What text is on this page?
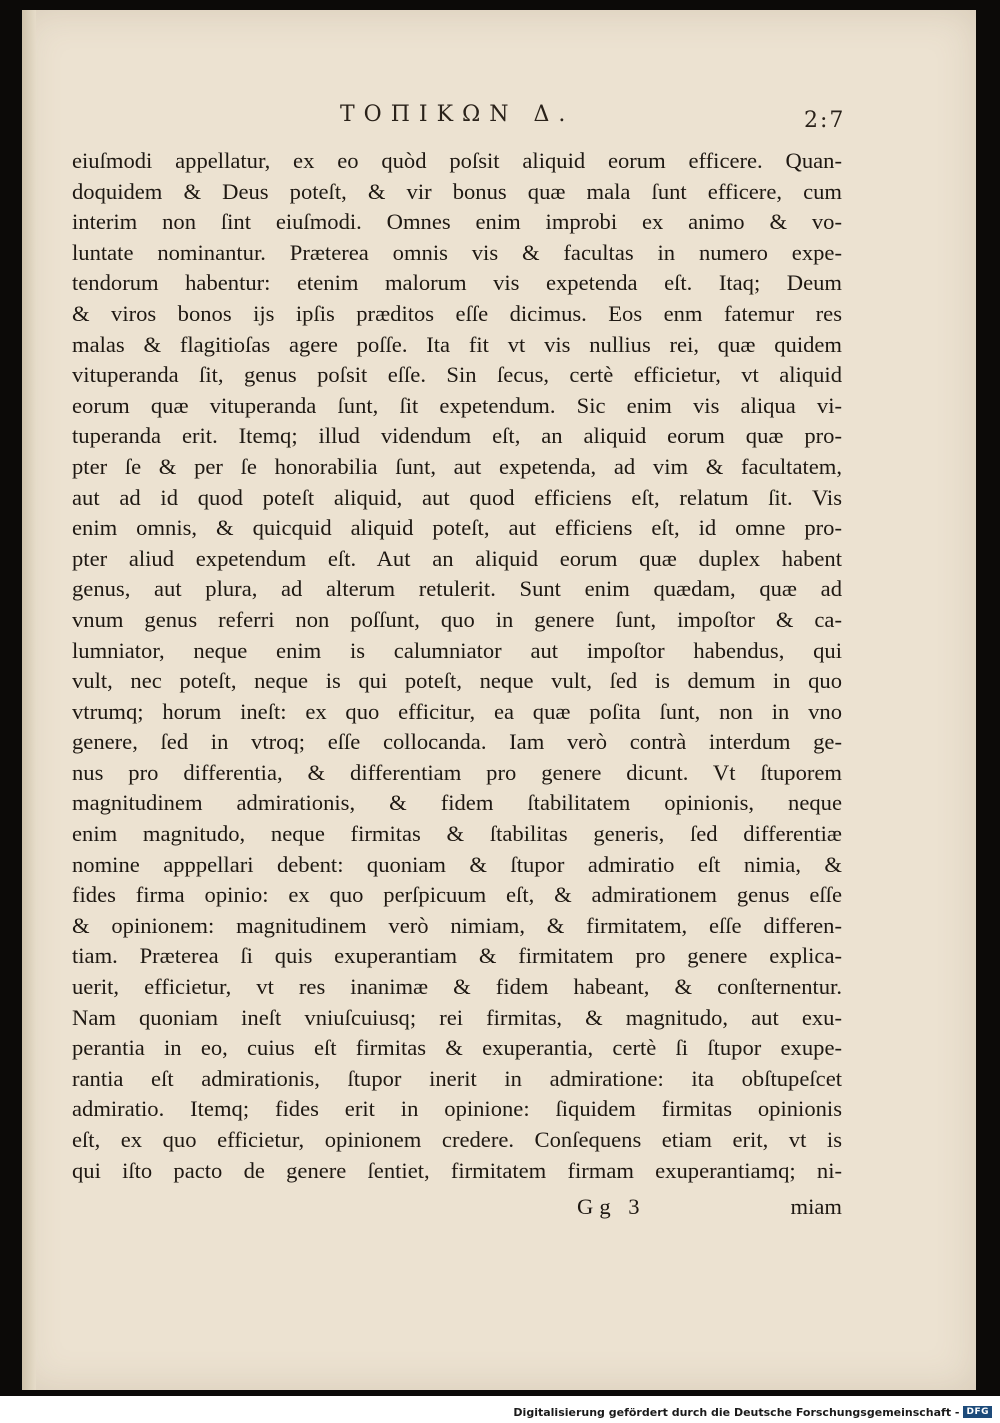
ΤΟΠΙΚΩΝ Δ.	2:7
eiuſmodi appellatur, ex eo quòd poſsit aliquid eorum efficere. Quan-
doquidem & Deus poteſt, & vir bonus quæ mala ſunt efficere, cum
interim non ſint eiuſmodi. Omnes enim improbi ex animo & vo-
luntate nominantur. Præterea omnis vis & facultas in numero expe-
tendorum habentur: etenim malorum vis expetenda eſt. Itaq; Deum
& viros bonos ijs ipſis præditos eſſe dicimus. Eos enm fatemur res
malas & flagitioſas agere poſſe. Ita fit vt vis nullius rei, quæ quidem
vituperanda ſit, genus poſsit eſſe. Sin ſecus, certè efficietur, vt aliquid
eorum quæ vituperanda ſunt, ſit expetendum. Sic enim vis aliqua vi-
tuperanda erit. Itemq; illud videndum eſt, an aliquid eorum quæ pro-
pter ſe & per ſe honorabilia ſunt, aut expetenda, ad vim & facultatem,
aut ad id quod poteſt aliquid, aut quod efficiens eſt, relatum ſit. Vis
enim omnis, & quicquid aliquid poteſt, aut efficiens eſt, id omne pro-
pter aliud expetendum eſt. Aut an aliquid eorum quæ duplex habent
genus, aut plura, ad alterum retulerit. Sunt enim quædam, quæ ad
vnum genus referri non poſſunt, quo in genere ſunt, impoſtor & ca-
lumniator, neque enim is calumniator aut impoſtor habendus, qui
vult, nec poteſt, neque is qui poteſt, neque vult, ſed is demum in quo
vtrumq; horum ineſt: ex quo efficitur, ea quæ poſita ſunt, non in vno
genere, ſed in vtroq; eſſe collocanda. Iam verò contrà interdum ge-
nus pro differentia, & differentiam pro genere dicunt. Vt ſtuporem
magnitudinem admirationis, & fidem ſtabilitatem opinionis, neque
enim magnitudo, neque firmitas & ſtabilitas generis, ſed differentiæ
nomine apppellari debent: quoniam & ſtupor admiratio eſt nimia, &
fides firma opinio: ex quo perſpicuum eſt, & admirationem genus eſſe
& opinionem: magnitudinem verò nimiam, & firmitatem, eſſe differen-
tiam. Præterea ſi quis exuperantiam & firmitatem pro genere explica-
uerit, efficietur, vt res inanimæ & fidem habeant, & conſternentur.
Nam quoniam ineſt vniuſcuiusq; rei firmitas, & magnitudo, aut exu-
perantia in eo, cuius eſt firmitas & exuperantia, certè ſi ſtupor exupe-
rantia eſt admirationis, ſtupor inerit in admiratione: ita obſtupeſcet
admiratio. Itemq; fides erit in opinione: ſiquidem firmitas opinionis
eſt, ex quo efficietur, opinionem credere. Conſequens etiam erit, vt is
qui iſto pacto de genere ſentiet, firmitatem firmam exuperantiamq; ni-
Gg 3	miam
Digitalisierung gefördert durch die Deutsche Forschungsgemeinschaft - DFG
